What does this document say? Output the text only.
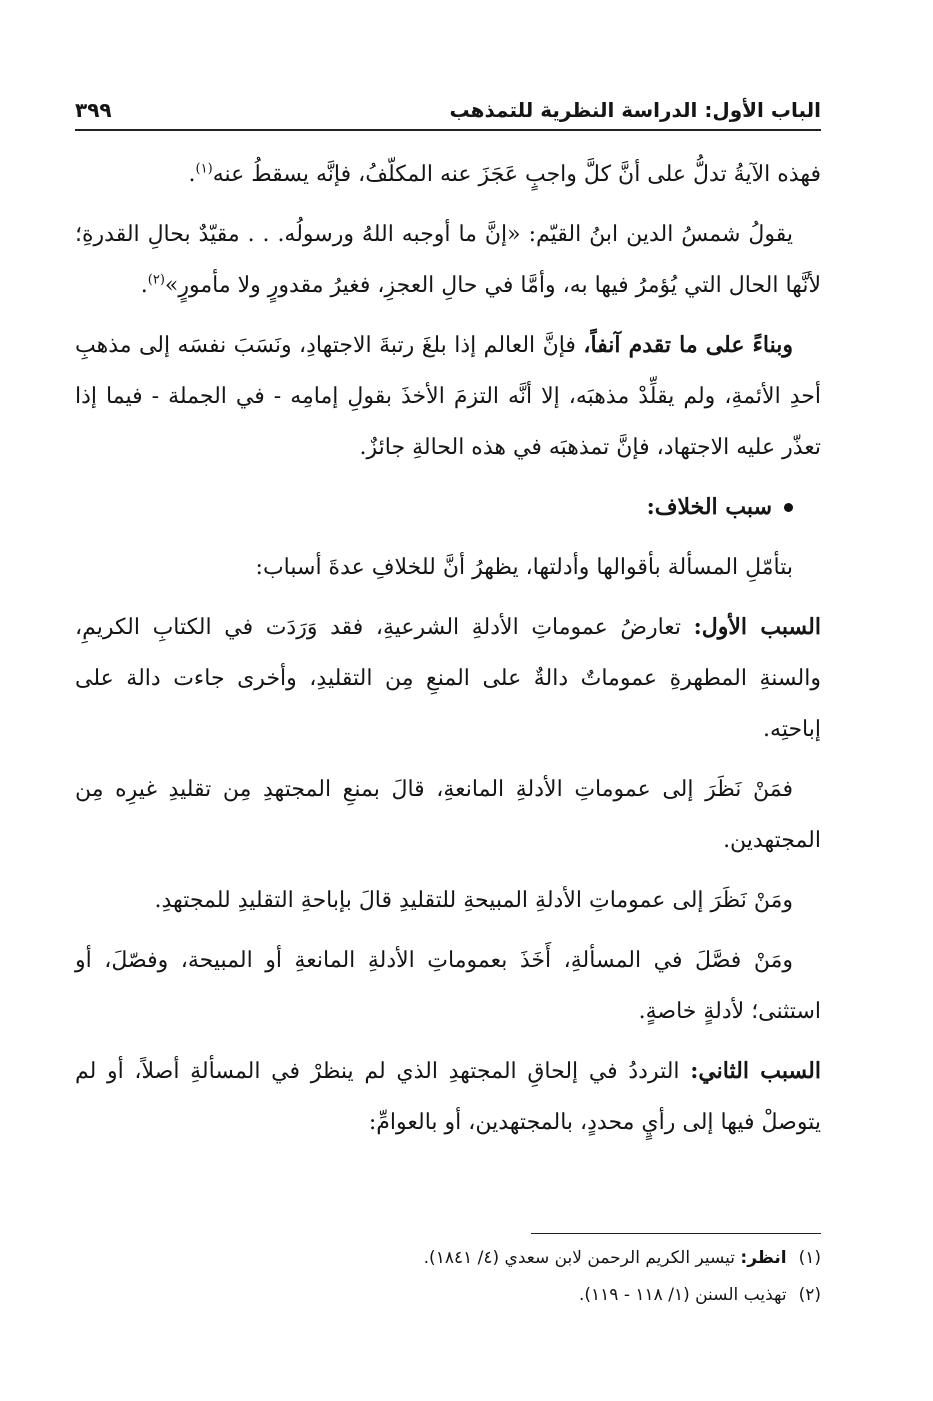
الباب الأول: الدراسة النظرية للتمذهب
٣٩٩

فهذه الآيةُ تدلُّ على أنَّ كلَّ واجبٍ عَجَزَ عنه المكلّفُ، فإنَّه يسقطُ عنه$^{(١)}$.

يقولُ شمسُ الدين ابنُ القيّم: «إنَّ ما أوجبه اللهُ ورسولُه. . . مقيّدٌ بحالِ القدرةِ؛ لأنَّها الحال التي يُؤمرُ فيها به، وأمَّا في حالِ العجزِ، فغيرُ مقدورٍ ولا مأمورٍ»$^{(٢)}$.

وبناءً على ما تقدم آنفاً، فإنَّ العالم إذا بلغَ رتبةَ الاجتهادِ، ونَسَبَ نفسَه إلى مذهبِ أحدِ الأئمةِ، ولم يقلِّدْ مذهبَه، إلا أنَّه التزمَ الأخذَ بقولِ إمامِه - في الجملة - فيما إذا تعذّر عليه الاجتهاد، فإنَّ تمذهبَه في هذه الحالةِ جائزٌ.

سبب الخلاف:

بتأمّلِ المسألة بأقوالها وأدلتها، يظهرُ أنَّ للخلافِ عدةَ أسباب:

السبب الأول: تعارضُ عموماتِ الأدلةِ الشرعيةِ، فقد وَرَدَت في الكتابِ الكريمِ، والسنةِ المطهرةِ عموماتٌ دالةٌ على المنعِ مِن التقليدِ، وأخرى جاءت دالة على إباحتِه.

فمَنْ نَظَرَ إلى عموماتِ الأدلةِ المانعةِ، قالَ بمنعِ المجتهدِ مِن تقليدِ غيرِه مِن المجتهدين.

ومَنْ نَظَرَ إلى عموماتِ الأدلةِ المبيحةِ للتقليدِ قالَ بإباحةِ التقليدِ للمجتهدِ.

ومَنْ فصَّلَ في المسألةِ، أَخَذَ بعموماتِ الأدلةِ المانعةِ أو المبيحة، وفصّلَ، أو استثنى؛ لأدلةٍ خاصةٍ.

السبب الثاني: الترددُ في إلحاقِ المجتهدِ الذي لم ينظرْ في المسألةِ أصلاً، أو لم يتوصلْ فيها إلى رأيٍ محددٍ، بالمجتهدين، أو بالعوامِّ:

(١)
انظر: تيسير الكريم الرحمن لابن سعدي (٤/ ١٨٤١).
(٢)
تهذيب السنن (١/ ١١٨ - ١١٩).
